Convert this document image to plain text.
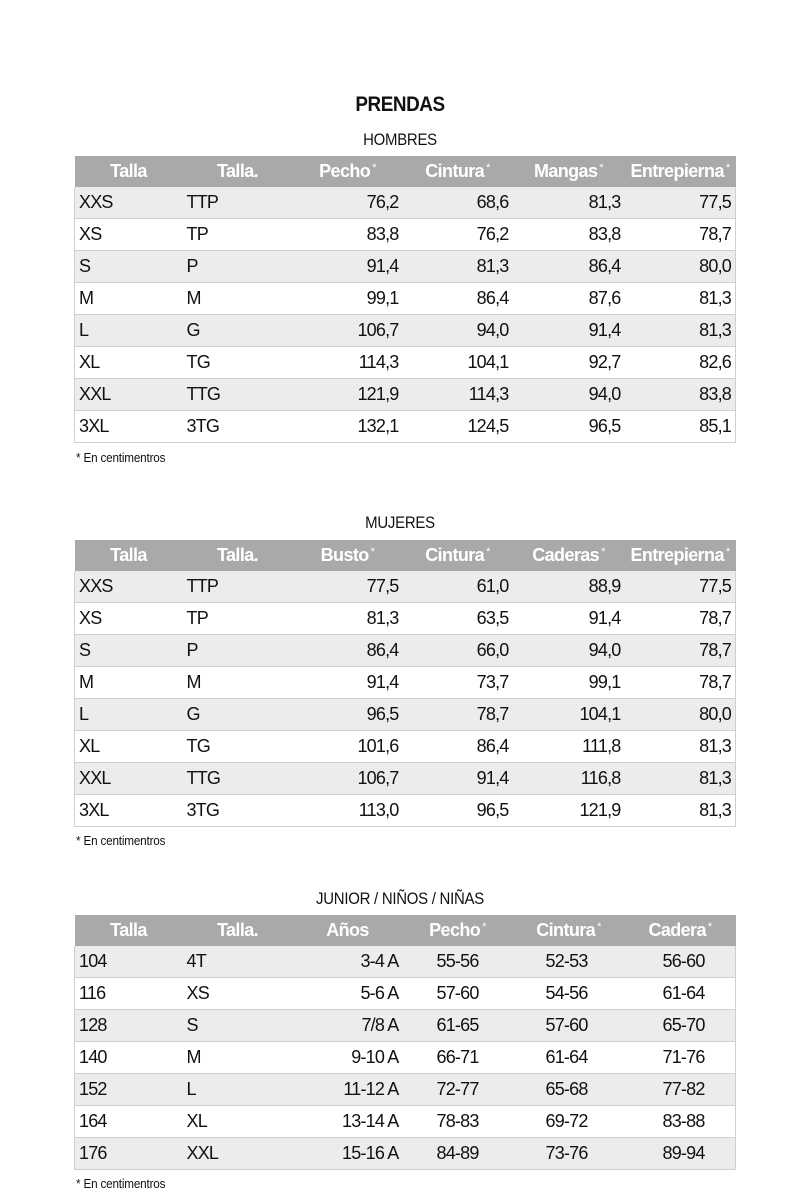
PRENDAS
HOMBRES
Talla	Talla.	Pecho *	Cintura *	Mangas *	Entrepierna *
XXS	TTP	76,2	68,6	81,3	77,5
XS	TP	83,8	76,2	83,8	78,7
S	P	91,4	81,3	86,4	80,0
M	M	99,1	86,4	87,6	81,3
L	G	106,7	94,0	91,4	81,3
XL	TG	114,3	104,1	92,7	82,6
XXL	TTG	121,9	114,3	94,0	83,8
3XL	3TG	132,1	124,5	96,5	85,1
* En centimentros
MUJERES
Talla	Talla.	Busto *	Cintura *	Caderas *	Entrepierna *
XXS	TTP	77,5	61,0	88,9	77,5
XS	TP	81,3	63,5	91,4	78,7
S	P	86,4	66,0	94,0	78,7
M	M	91,4	73,7	99,1	78,7
L	G	96,5	78,7	104,1	80,0
XL	TG	101,6	86,4	111,8	81,3
XXL	TTG	106,7	91,4	116,8	81,3
3XL	3TG	113,0	96,5	121,9	81,3
* En centimentros
JUNIOR / NIÑOS / NIÑAS
Talla	Talla.	Años	Pecho *	Cintura *	Cadera *
104	4T	3-4 A	55-56	52-53	56-60
116	XS	5-6 A	57-60	54-56	61-64
128	S	7/8 A	61-65	57-60	65-70
140	M	9-10 A	66-71	61-64	71-76
152	L	11-12 A	72-77	65-68	77-82
164	XL	13-14 A	78-83	69-72	83-88
176	XXL	15-16 A	84-89	73-76	89-94
* En centimentros
